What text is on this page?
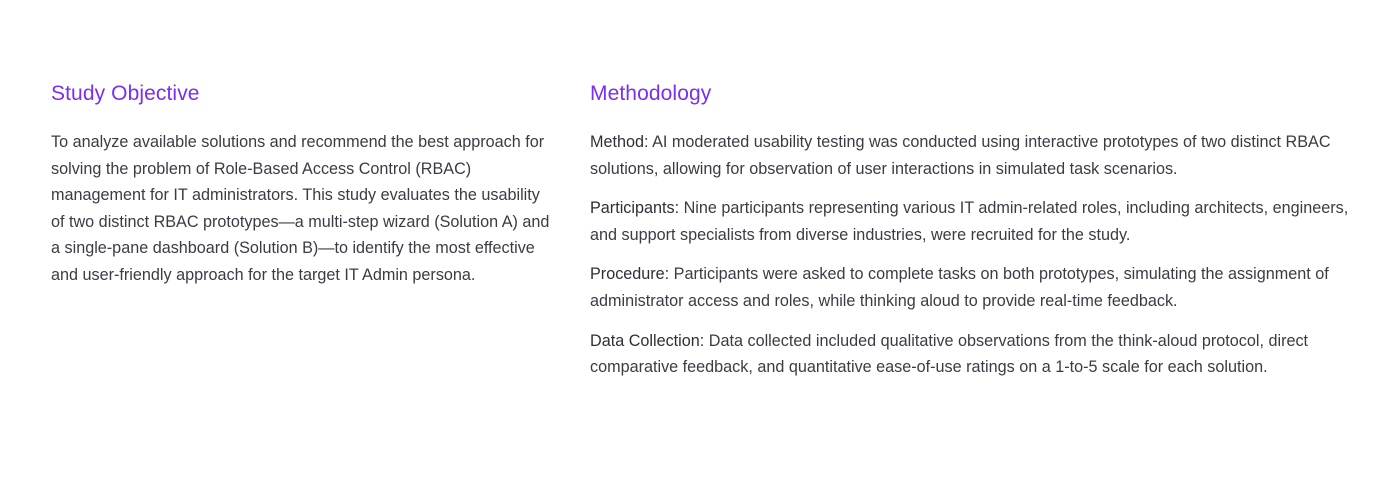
Study Objective

To analyze available solutions and recommend the best approach for solving the problem of Role-Based Access Control (RBAC) management for IT administrators. This study evaluates the usability of two distinct RBAC prototypes—a multi-step wizard (Solution A) and a single-pane dashboard (Solution B)—to identify the most effective and user-friendly approach for the target IT Admin persona.

Methodology

Method: AI moderated usability testing was conducted using interactive prototypes of two distinct RBAC solutions, allowing for observation of user interactions in simulated task scenarios.

Participants: Nine participants representing various IT admin-related roles, including architects, engineers, and support specialists from diverse industries, were recruited for the study.

Procedure: Participants were asked to complete tasks on both prototypes, simulating the assignment of administrator access and roles, while thinking aloud to provide real-time feedback.

Data Collection: Data collected included qualitative observations from the think-aloud protocol, direct comparative feedback, and quantitative ease-of-use ratings on a 1-to-5 scale for each solution.
